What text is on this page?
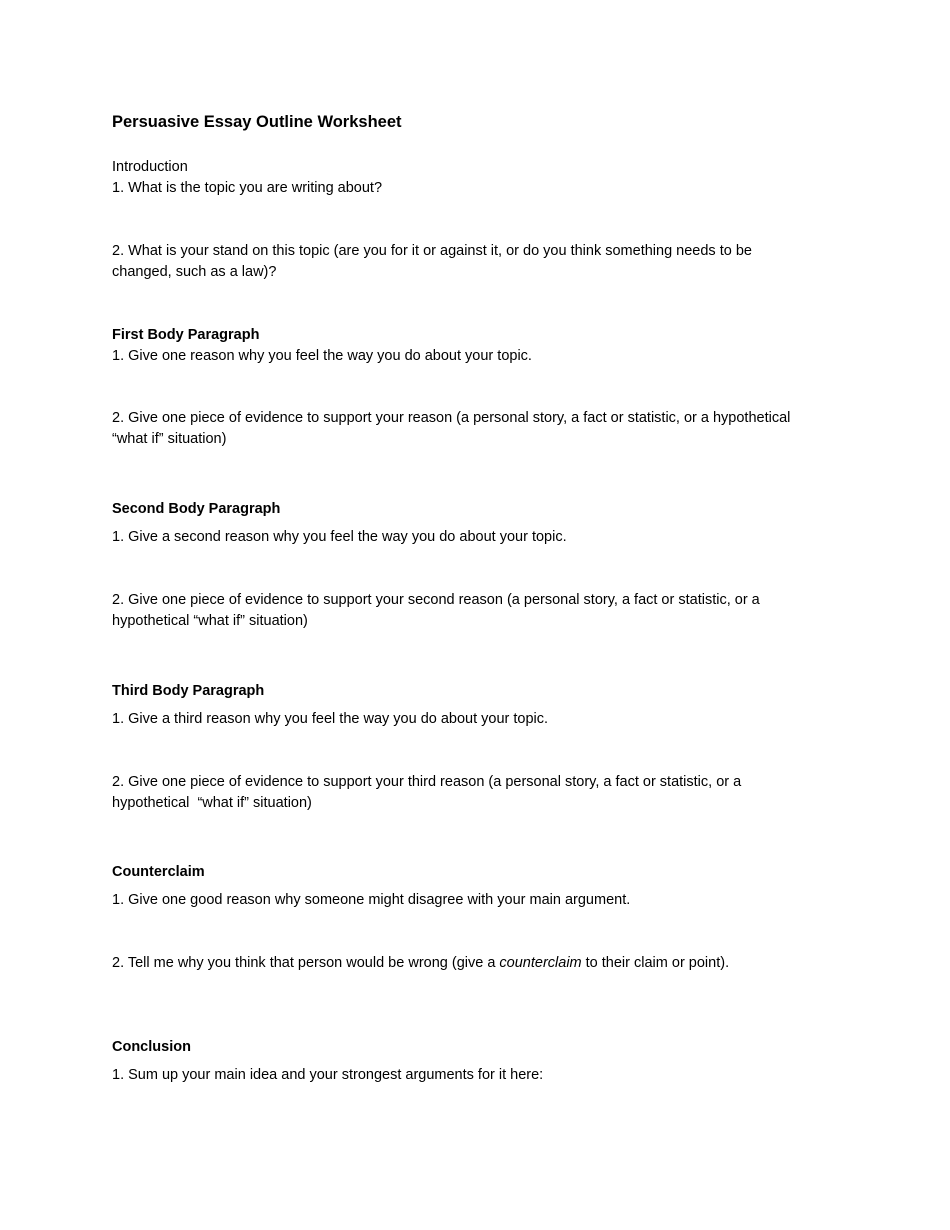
Persuasive Essay Outline Worksheet

Introduction

1. What is the topic you are writing about?

2. What is your stand on this topic (are you for it or against it, or do you think something needs to be

changed, such as a law)?

First Body Paragraph

1. Give one reason why you feel the way you do about your topic.

2. Give one piece of evidence to support your reason (a personal story, a fact or statistic, or a hypothetical

“what if” situation)

Second Body Paragraph

1. Give a second reason why you feel the way you do about your topic.

2. Give one piece of evidence to support your second reason (a personal story, a fact or statistic, or a

hypothetical “what if” situation)

Third Body Paragraph

1. Give a third reason why you feel the way you do about your topic.

2. Give one piece of evidence to support your third reason (a personal story, a fact or statistic, or a

hypothetical  “what if” situation)

Counterclaim

1. Give one good reason why someone might disagree with your main argument.

2. Tell me why you think that person would be wrong (give a counterclaim to their claim or point).

Conclusion

1. Sum up your main idea and your strongest arguments for it here:
